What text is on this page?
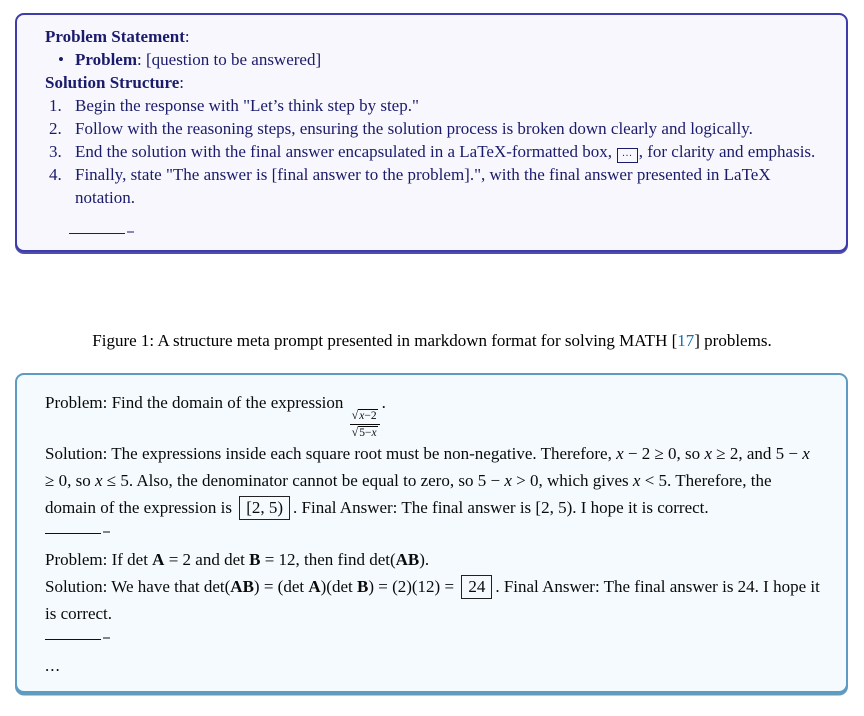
Problem Statement:
• Problem: [question to be answered]
Solution Structure:
1. Begin the response with "Let’s think step by step."
2. Follow with the reasoning steps, ensuring the solution process is broken down clearly and logically.
3. End the solution with the final answer encapsulated in a LaTeX-formatted box, ... , for clarity and emphasis.
4. Finally, state "The answer is [final answer to the problem].", with the final answer presented in LaTeX notation.
Figure 1: A structure meta prompt presented in markdown format for solving MATH [17] problems.
Problem: Find the domain of the expression
$\frac{√ x-2}{√ 5-x}$
.
Solution: The expressions inside each square root must be non-negative. Therefore, x − 2 ≥ 0, so x ≥ 2, and 5 − x ≥ 0, so x ≤ 5. Also, the denominator cannot be equal to zero, so 5 − x > 0, which gives x < 5. Therefore, the domain of the expression is [2, 5) . Final Answer: The final answer is [2, 5). I hope it is correct.
Problem: If det A = 2 and det B = 12, then find det(AB).
Solution: We have that det(AB) = (det A)(det B) = (2)(12) = 24 . Final Answer: The final answer is 24. I hope it is correct.
...
